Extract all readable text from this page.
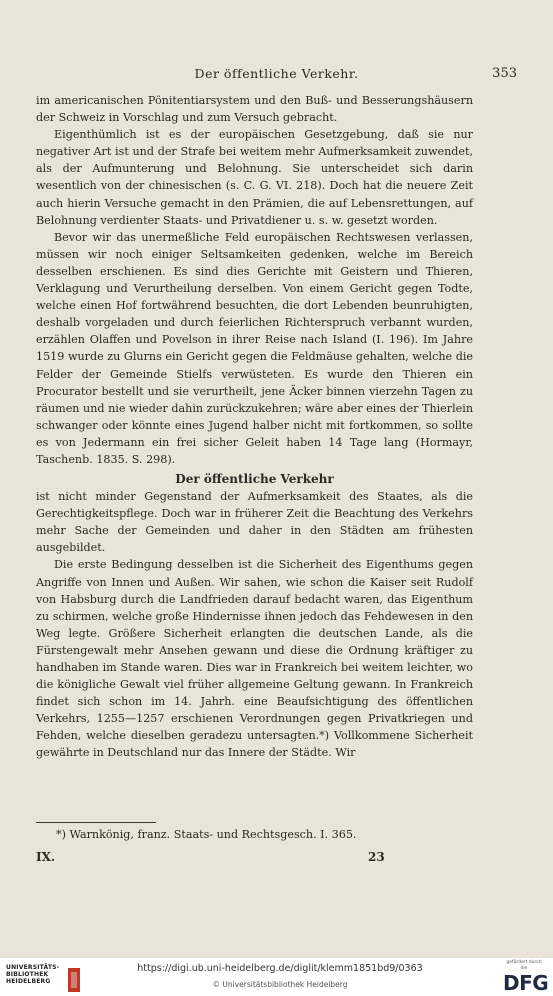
Der öffentliche Verkehr.	353

im americanischen Pönitentiarsystem und den Buß- und Besserungshäusern der Schweiz in Vorschlag und zum Versuch gebracht.

Eigenthümlich ist es der europäischen Gesetzgebung, daß sie nur negativer Art ist und der Strafe bei weitem mehr Aufmerksamkeit zuwendet, als der Aufmunterung und Belohnung. Sie unterscheidet sich darin wesentlich von der chinesischen (s. C. G. VI. 218). Doch hat die neuere Zeit auch hierin Versuche gemacht in den Prämien, die auf Lebensrettungen, auf Belohnung verdienter Staats- und Privatdiener u. s. w. gesetzt worden.

Bevor wir das unermeßliche Feld europäischen Rechtswesen verlassen, müssen wir noch einiger Seltsamkeiten gedenken, welche im Bereich desselben erschienen. Es sind dies Gerichte mit Geistern und Thieren, Verklagung und Verurtheilung derselben. Von einem Gericht gegen Todte, welche einen Hof fortwährend besuchten, die dort Lebenden beunruhigten, deshalb vorgeladen und durch feierlichen Richterspruch verbannt wurden, erzählen Olaffen und Povelson in ihrer Reise nach Island (I. 196). Im Jahre 1519 wurde zu Glurns ein Gericht gegen die Feldmäuse gehalten, welche die Felder der Gemeinde Stielfs verwüsteten. Es wurde den Thieren ein Procurator bestellt und sie verurtheilt, jene Äcker binnen vierzehn Tagen zu räumen und nie wieder dahin zurückzukehren; wäre aber eines der Thierlein schwanger oder könnte eines Jugend halber nicht mit fortkommen, so sollte es von Jedermann ein frei sicher Geleit haben 14 Tage lang (Hormayr, Taschenb. 1835. S. 298).

Der öffentliche Verkehr

ist nicht minder Gegenstand der Aufmerksamkeit des Staates, als die Gerechtigkeitspflege. Doch war in früherer Zeit die Beachtung des Verkehrs mehr Sache der Gemeinden und daher in den Städten am frühesten ausgebildet.

Die erste Bedingung desselben ist die Sicherheit des Eigenthums gegen Angriffe von Innen und Außen. Wir sahen, wie schon die Kaiser seit Rudolf von Habsburg durch die Landfrieden darauf bedacht waren, das Eigenthum zu schirmen, welche große Hindernisse ihnen jedoch das Fehdewesen in den Weg legte. Größere Sicherheit erlangten die deutschen Lande, als die Fürstengewalt mehr Ansehen gewann und diese die Ordnung kräftiger zu handhaben im Stande waren. Dies war in Frankreich bei weitem leichter, wo die königliche Gewalt viel früher allgemeine Geltung gewann. In Frankreich findet sich schon im 14. Jahrh. eine Beaufsichtigung des öffentlichen Verkehrs, 1255—1257 erschienen Verordnungen gegen Privatkriegen und Fehden, welche dieselben geradezu untersagten.*) Vollkommene Sicherheit gewährte in Deutschland nur das Innere der Städte. Wir

*) Warnkönig, franz. Staats- und Rechtsgesch. I. 365.
IX.	23
UNIVERSITÄTS-
BIBLIOTHEK
HEIDELBERG
https://digi.ub.uni-heidelberg.de/diglit/klemm1851bd9/0363
© Universitätsbibliothek Heidelberg
gefördert durch die
DFG
